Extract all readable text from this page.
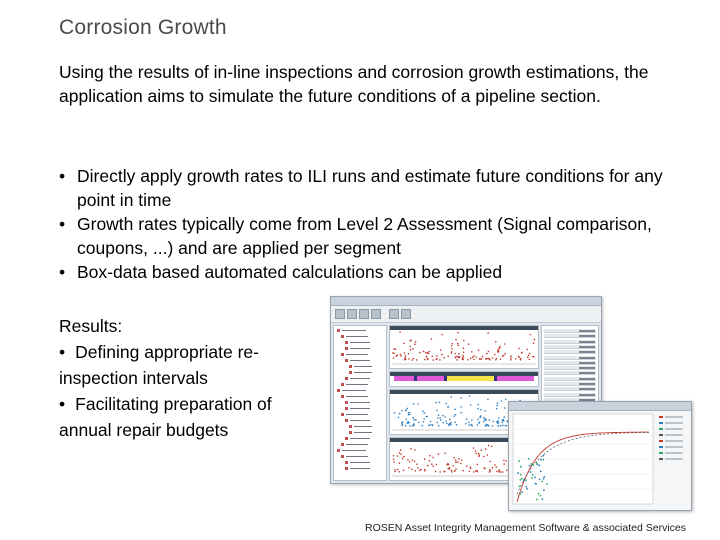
Corrosion Growth
Using the results of in-line inspections and corrosion growth estimations, the application aims to simulate the future conditions of a pipeline section.
• Directly apply growth rates to ILI runs and estimate future conditions for any point in time
• Growth rates typically come from Level 2 Assessment (Signal comparison, coupons, ...) and are applied per segment
• Box-data based automated calculations can be applied
Results:
• Defining appropriate re-inspection intervals
• Facilitating preparation of annual repair budgets
ROSEN Asset Integrity Management Software & associated Services
